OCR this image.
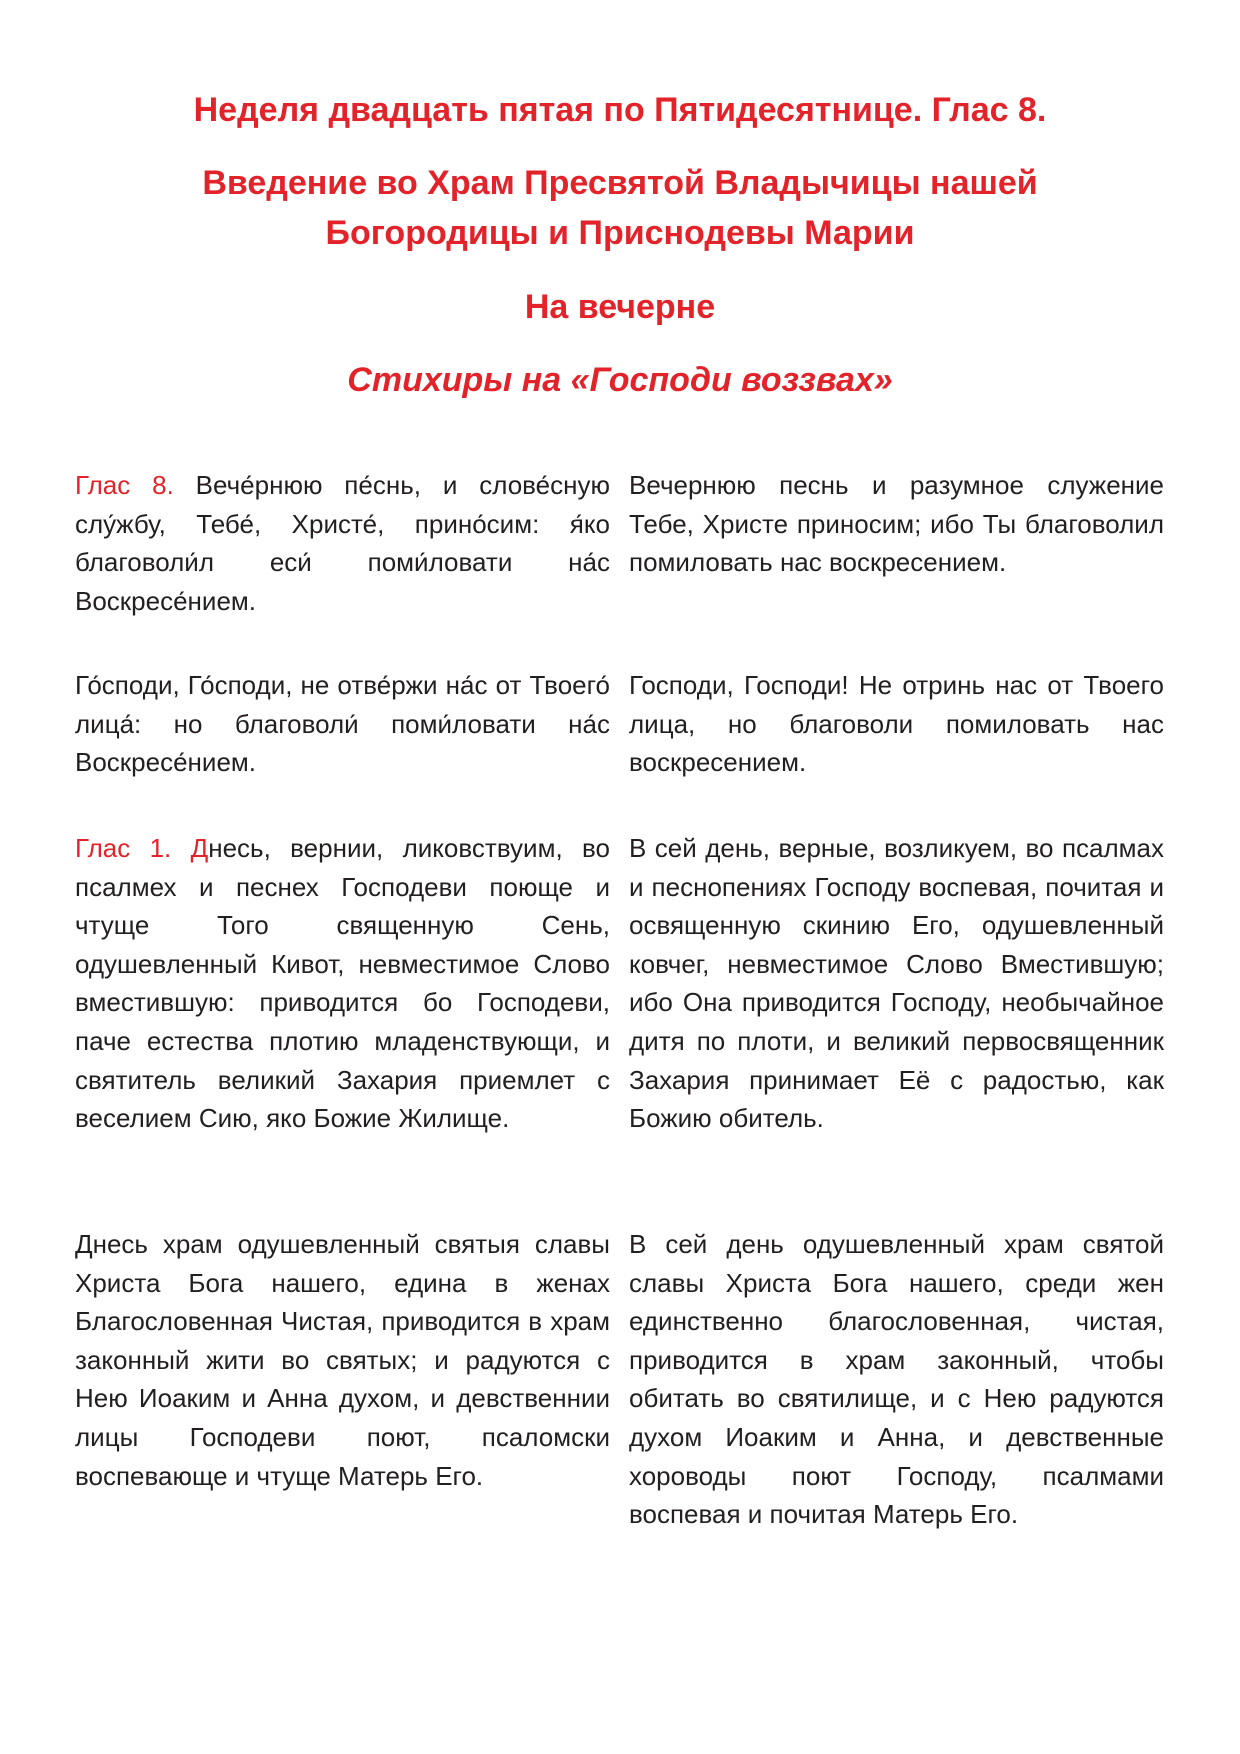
Неделя двадцать пятая по Пятидесятнице. Глас 8.
Введение во Храм Пресвятой Владычицы нашей
Богородицы и Приснодевы Марии
На вечерне
Стихиры на «Господи воззвах»

Глас 8. Вече́рнюю пе́снь, и слове́сную слу́жбу, Тебе́, Христе́, прино́сим: я́ко благоволи́л еси́ поми́ловати на́с Воскресе́нием.

Вечернюю песнь и разумное служение Тебе, Христе приносим; ибо Ты благоволил помиловать нас воскресением.

Го́споди, Го́споди, не отве́ржи на́с от Твоего́ лица́: но благоволи́ поми́ловати на́с Воскресе́нием.

Господи, Господи! Не отринь нас от Твоего лица, но благоволи помиловать нас воскресением.

Глас 1. Днесь, вернии, ликовствуим, во псалмех и песнех Господеви поюще и чтуще Того священную Сень, одушевленный Кивот, невместимое Слово вместившую: приводится бо Господеви, паче естества плотию младенствующи, и святитель великий Захария приемлет с веселием Сию, яко Божие Жилище.

В сей день, верные, возликуем, во псалмах и песнопениях Господу воспевая, почитая и освященную скинию Его, одушевленный ковчег, невместимое Слово Вместившую; ибо Она приводится Господу, необычайное дитя по плоти, и великий первосвященник Захария принимает Её с радостью, как Божию обитель.

Днесь храм одушевленный святыя славы Христа Бога нашего, едина в женах Благословенная Чистая, приводится в храм законный жити во святых; и радуются с Нею Иоаким и Анна духом, и девственнии лицы Господеви поют, псаломски воспевающе и чтуще Матерь Его.

В сей день одушевленный храм святой славы Христа Бога нашего, среди жен единственно благословенная, чистая, приводится в храм законный, чтобы обитать во святилище, и с Нею радуются духом Иоаким и Анна, и девственные хороводы поют Господу, псалмами воспевая и почитая Матерь Его.
